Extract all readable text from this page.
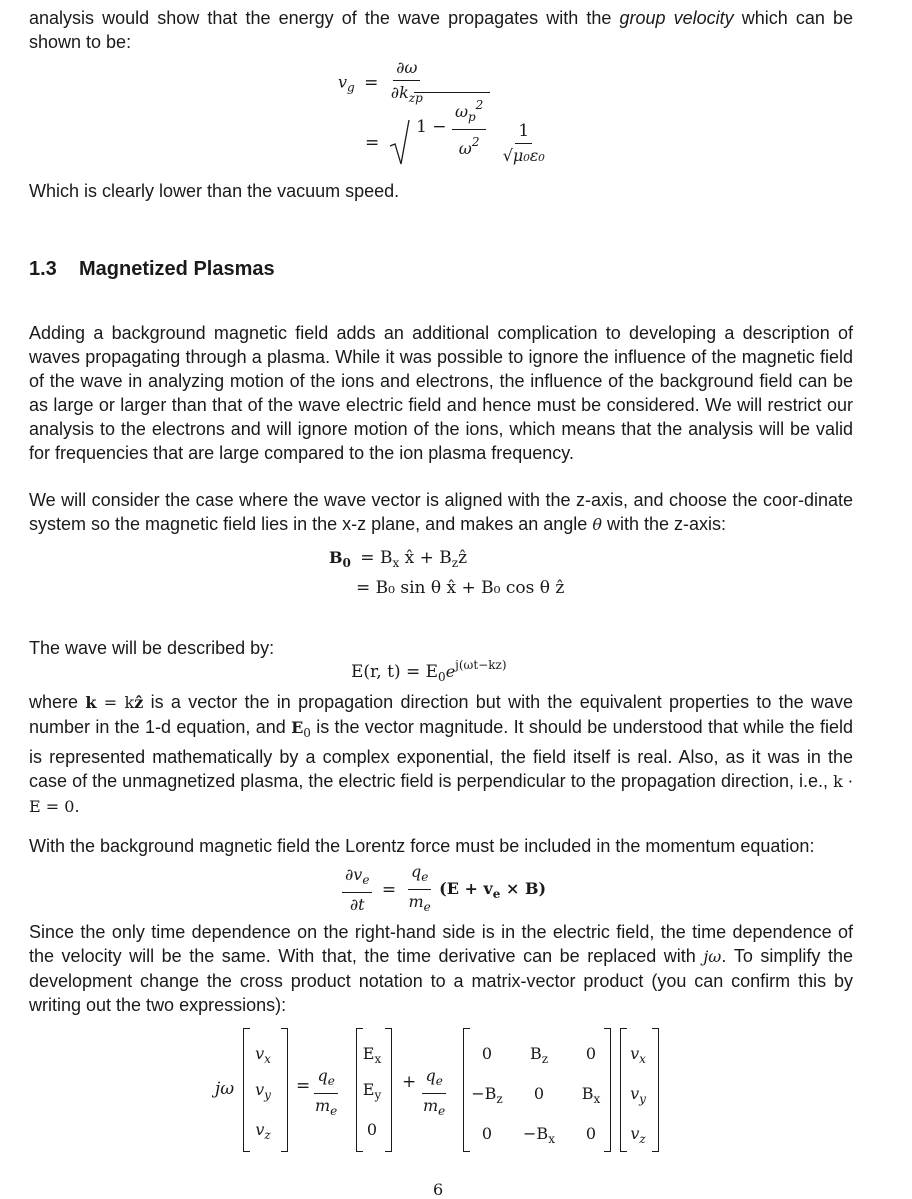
analysis would show that the energy of the wave propagates with the group velocity which can be shown to be:

$v_g = \frac{\partial\omega}{\partial k_{zp}}$
=  $1 - \frac{\omega_p^2}{\omega^2}$
$\frac{1}{\text{√μ₀ε₀}}$

Which is clearly lower than the vacuum speed.

1.3 Magnetized Plasmas

Adding a background magnetic field adds an additional complication to developing a description of waves propagating through a plasma. While it was possible to ignore the influence of the magnetic field of the wave in analyzing motion of the ions and electrons, the influence of the background field can be as large or larger than that of the wave electric field and hence must be considered. We will restrict our analysis to the electrons and will ignore motion of the ions, which means that the analysis will be valid for frequencies that are large compared to the ion plasma frequency.

We will consider the case where the wave vector is aligned with the z-axis, and choose the coor-dinate system so the magnetic field lies in the x-z plane, and makes an angle θ with the z-axis:

$B_0 = B_x$ x̂ + $B_zẑ$
= B₀ sin θ x̂ + B₀ cos θ ẑ

The wave will be described by:

E(r, $t) = E_0e^{j(\omega t-kz)}$

where k = kẑ is a vector the in propagation direction but with the equivalent properties to the wave number in the 1-d equation, and $E_0$ is the vector magnitude. It should be understood that while the field is represented mathematically by a complex exponential, the field itself is real. Also, as it was in the case of the unmagnetized plasma, the electric field is perpendicular to the propagation direction, i.e., k · E = 0.

With the background magnetic field the Lorentz force must be included in the momentum equation:

$\frac{\partial v_e}{\partial t} = \frac{q_e}{m_e} (E + v_e \times B)$

Since the only time dependence on the right-hand side is in the electric field, the time dependence of the velocity will be the same. With that, the time derivative can be replaced with jω. To simplify the development change the cross product notation to a matrix-vector product (you can confirm this by writing out the two expressions):

jω
$v_x$
$v_y$
$v_z$
= $\frac{q_e}{m_e}$
$E_x$
$E_y$
0
+ $\frac{q_e}{m_e}$
0	$B_z$	0
$-B_z$	0	$B_x$
0	$-B_x$	0
$v_x$
$v_y$
$v_z$
6
